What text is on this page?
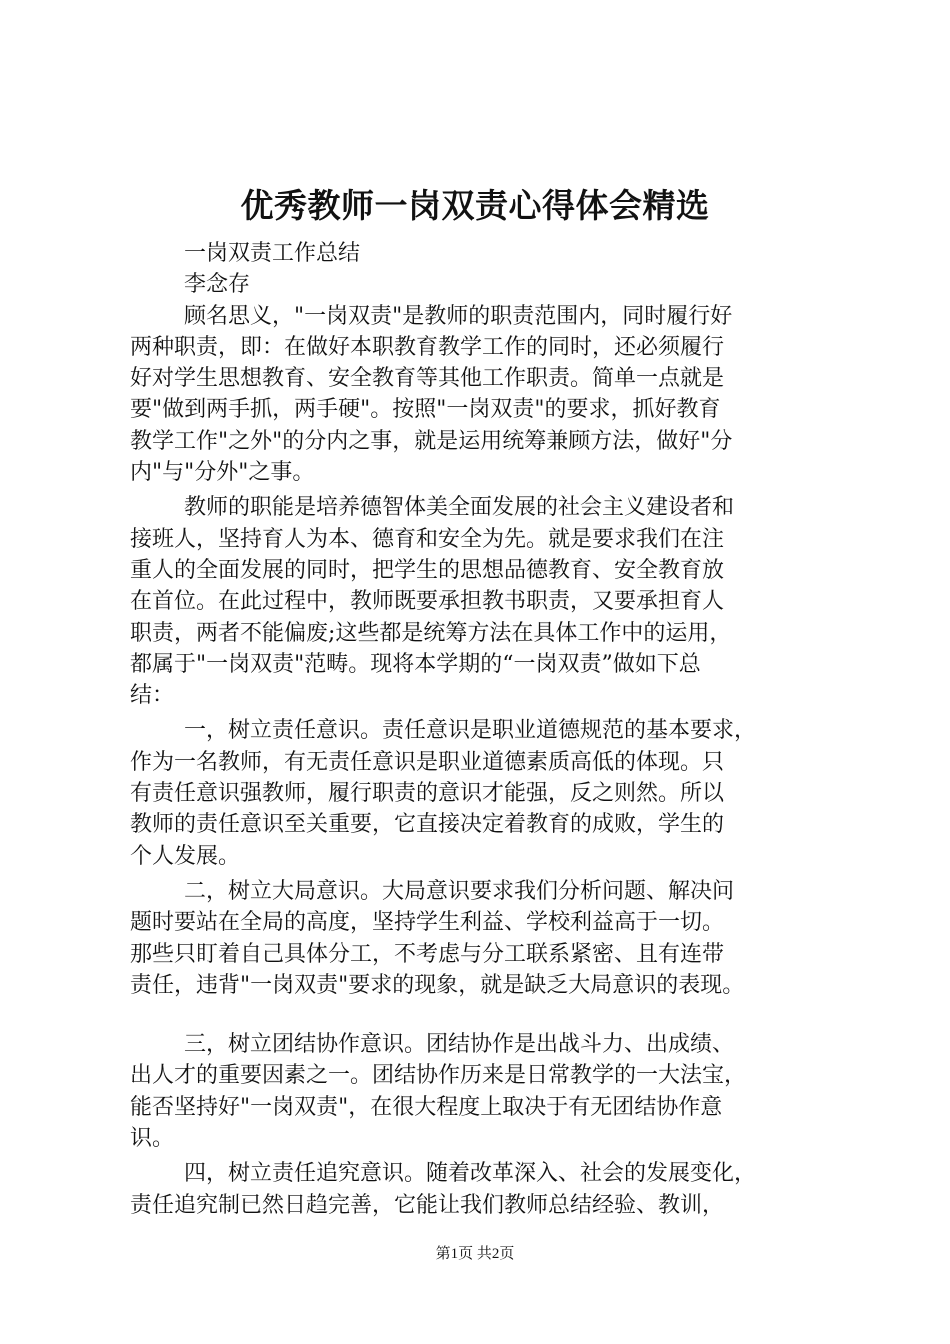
优秀教师一岗双责心得体会精选
一岗双责工作总结
李念存
顾名思义，"一岗双责"是教师的职责范围内，同时履行好
两种职责，即：在做好本职教育教学工作的同时，还必须履行
好对学生思想教育、安全教育等其他工作职责。简单一点就是
要"做到两手抓，两手硬"。按照"一岗双责"的要求，抓好教育
教学工作"之外"的分内之事，就是运用统筹兼顾方法，做好"分
内"与"分外"之事。
教师的职能是培养德智体美全面发展的社会主义建设者和
接班人，坚持育人为本、德育和安全为先。就是要求我们在注
重人的全面发展的同时，把学生的思想品德教育、安全教育放
在首位。在此过程中，教师既要承担教书职责，又要承担育人
职责，两者不能偏废;这些都是统筹方法在具体工作中的运用，
都属于"一岗双责"范畴。现将本学期的“一岗双责”做如下总
结：
一，树立责任意识。责任意识是职业道德规范的基本要求，
作为一名教师，有无责任意识是职业道德素质高低的体现。只
有责任意识强教师，履行职责的意识才能强，反之则然。所以
教师的责任意识至关重要，它直接决定着教育的成败，学生的
个人发展。
二，树立大局意识。大局意识要求我们分析问题、解决问
题时要站在全局的高度，坚持学生利益、学校利益高于一切。
那些只盯着自己具体分工，不考虑与分工联系紧密、且有连带
责任，违背"一岗双责"要求的现象，就是缺乏大局意识的表现。
三，树立团结协作意识。团结协作是出战斗力、出成绩、
出人才的重要因素之一。团结协作历来是日常教学的一大法宝，
能否坚持好"一岗双责"，在很大程度上取决于有无团结协作意
识。
四，树立责任追究意识。随着改革深入、社会的发展变化，
责任追究制已然日趋完善，它能让我们教师总结经验、教训，
第1页 共2页
